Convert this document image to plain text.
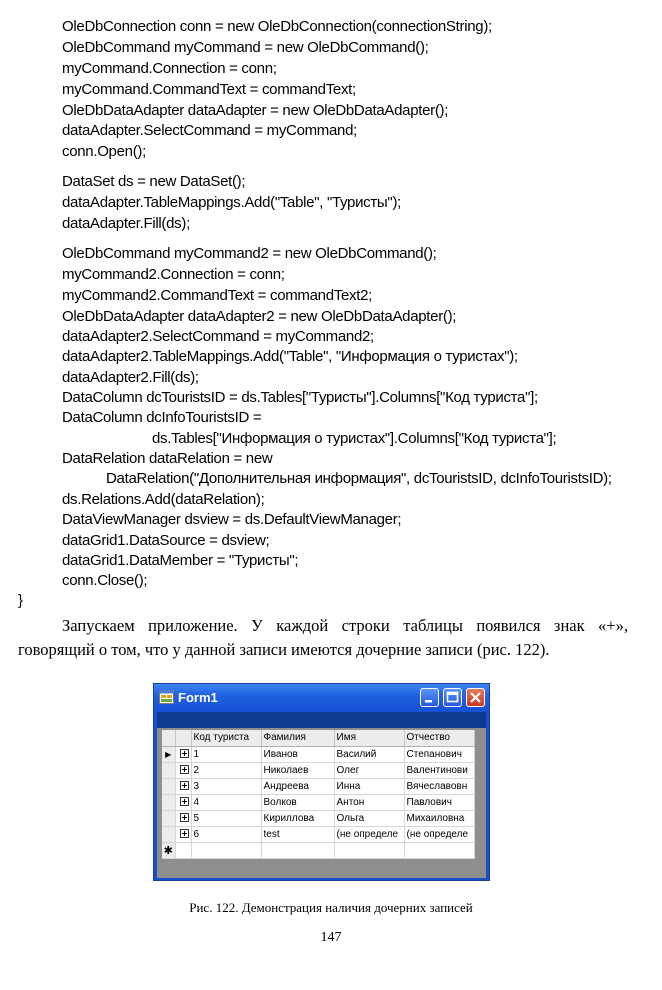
OleDbConnection conn = new OleDbConnection(connectionString);
OleDbCommand myCommand = new OleDbCommand();
myCommand.Connection = conn;
myCommand.CommandText = commandText;
OleDbDataAdapter dataAdapter = new OleDbDataAdapter();
dataAdapter.SelectCommand = myCommand;
conn.Open();
DataSet ds = new DataSet();
dataAdapter.TableMappings.Add("Table", "Туристы");
dataAdapter.Fill(ds);
OleDbCommand myCommand2 = new OleDbCommand();
myCommand2.Connection = conn;
myCommand2.CommandText = commandText2;
OleDbDataAdapter dataAdapter2 = new OleDbDataAdapter();
dataAdapter2.SelectCommand = myCommand2;
dataAdapter2.TableMappings.Add("Table", "Информация о туристах");
dataAdapter2.Fill(ds);
DataColumn dcTouristsID = ds.Tables["Туристы"].Columns["Код туриста"];
DataColumn dcInfoTouristsID =
ds.Tables["Информация о туристах"].Columns["Код туриста"];
DataRelation dataRelation = new
DataRelation("Дополнительная информация", dcTouristsID, dcInfoTouristsID);
ds.Relations.Add(dataRelation);
DataViewManager dsview = ds.DefaultViewManager;
dataGrid1.DataSource = dsview;
dataGrid1.DataMember = "Туристы";
conn.Close();
}

Запускаем приложение. У каждой строки таблицы появился знак «+», говорящий о том, что у данной записи имеются дочерние записи (рис. 122).

Form1
		Код туриста	Фамилия	Имя	Отчество
▶		1	Иванов	Василий	Степанович
		2	Николаев	Олег	Валентинови
		3	Андреева	Инна	Вячеславовн
		4	Волков	Антон	Павлович
		5	Кириллова	Ольга	Михаиловна
		6	test	(не определе	(не определе
✱					
Рис. 122. Демонстрация наличия дочерних записей
147
